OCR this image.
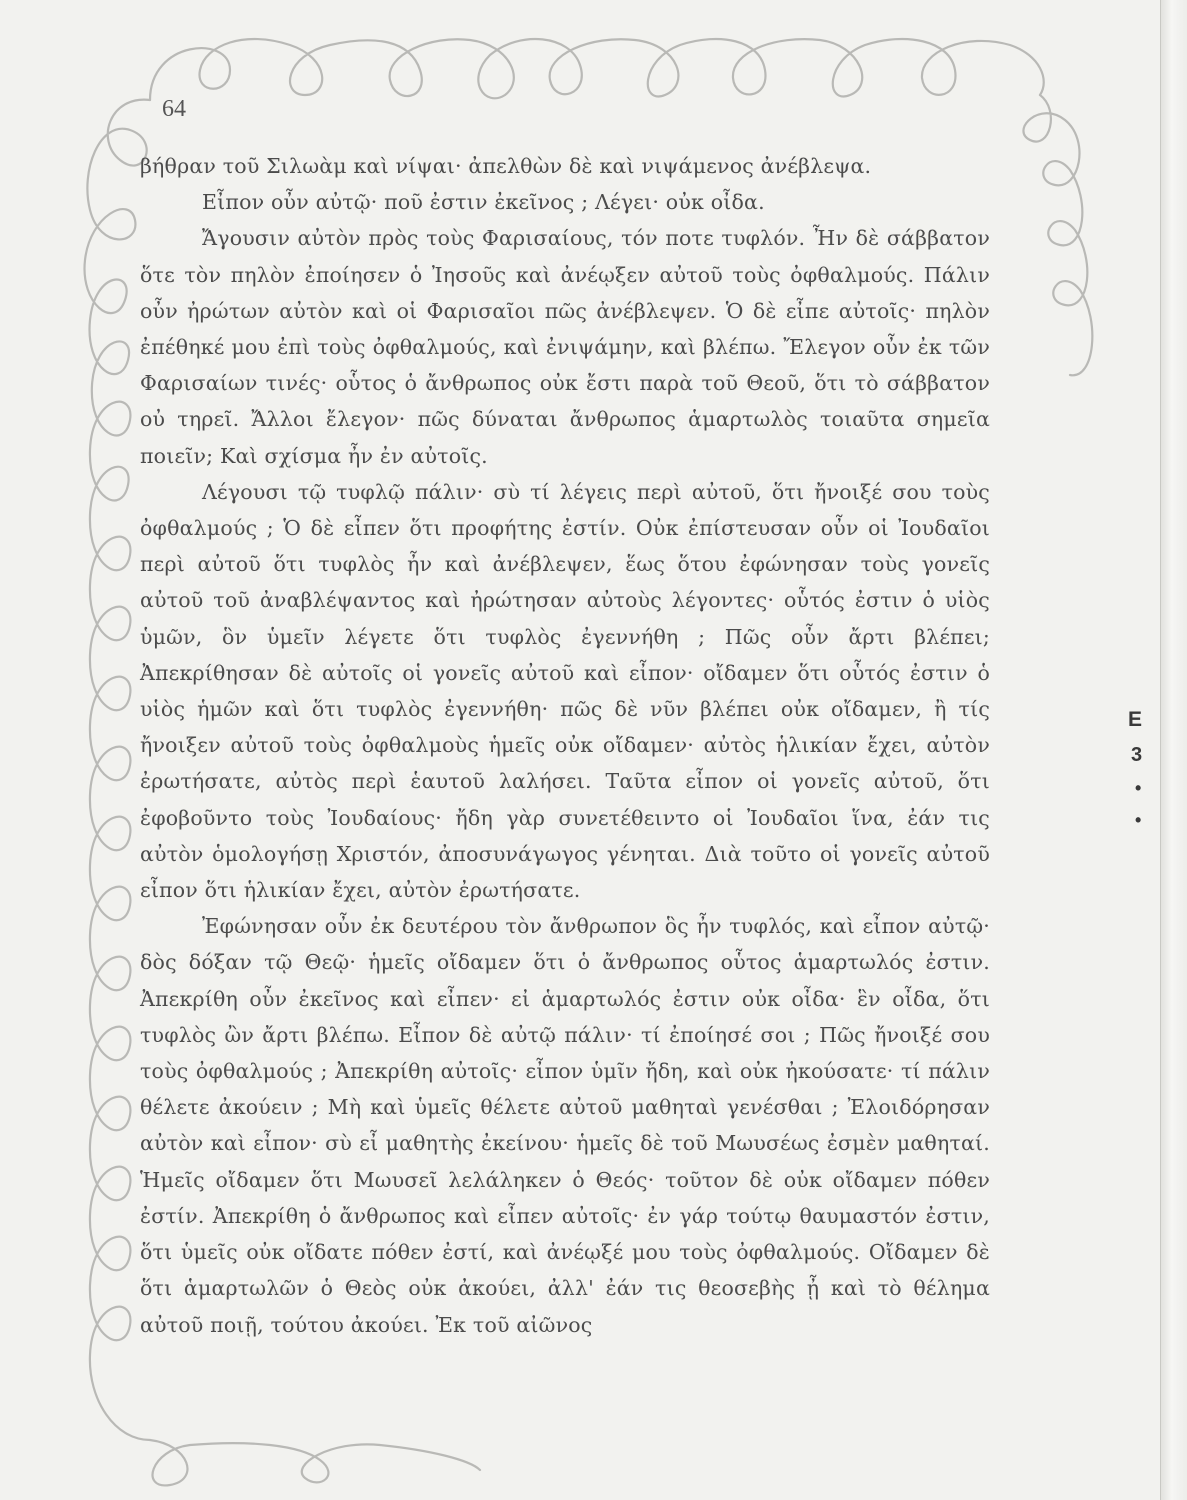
64

βήθραν τοῦ Σιλωὰμ καὶ νίψαι· ἀπελθὼν δὲ καὶ νιψάμενος ἀνέβλεψα.

Εἶπον οὖν αὐτῷ· ποῦ ἐστιν ἐκεῖνος ; Λέγει· οὐκ οἶδα.

Ἄγουσιν αὐτὸν πρὸς τοὺς Φαρισαίους, τόν ποτε τυφλόν. Ἦν δὲ σάββατον ὅτε τὸν πηλὸν ἐποίησεν ὁ Ἰησοῦς καὶ ἀνέῳξεν αὐτοῦ τοὺς ὀφθαλμούς. Πάλιν οὖν ἠρώτων αὐτὸν καὶ οἱ Φαρισαῖοι πῶς ἀνέβλεψεν. Ὁ δὲ εἶπε αὐτοῖς· πηλὸν ἐπέθηκέ μου ἐπὶ τοὺς ὀφθαλμούς, καὶ ἐνιψάμην, καὶ βλέπω. Ἔλεγον οὖν ἐκ τῶν Φαρισαίων τινές· οὗτος ὁ ἄνθρωπος οὐκ ἔστι παρὰ τοῦ Θεοῦ, ὅτι τὸ σάββατον οὐ τηρεῖ. Ἄλλοι ἔλεγον· πῶς δύναται ἄνθρωπος ἁμαρτωλὸς τοιαῦτα σημεῖα ποιεῖν; Καὶ σχίσμα ἦν ἐν αὐτοῖς.

Λέγουσι τῷ τυφλῷ πάλιν· σὺ τί λέγεις περὶ αὐτοῦ, ὅτι ἤνοιξέ σου τοὺς ὀφθαλμούς ; Ὁ δὲ εἶπεν ὅτι προφήτης ἐστίν. Οὐκ ἐπίστευσαν οὖν οἱ Ἰουδαῖοι περὶ αὐτοῦ ὅτι τυφλὸς ἦν καὶ ἀνέβλεψεν, ἕως ὅτου ἐφώνησαν τοὺς γονεῖς αὐτοῦ τοῦ ἀναβλέψαντος καὶ ἠρώτησαν αὐτοὺς λέγοντες· οὗτός ἐστιν ὁ υἱὸς ὑμῶν, ὃν ὑμεῖν λέγετε ὅτι τυφλὸς ἐγεννήθη ; Πῶς οὖν ἄρτι βλέπει; Ἀπεκρίθησαν δὲ αὐτοῖς οἱ γονεῖς αὐτοῦ καὶ εἶπον· οἴδαμεν ὅτι οὗτός ἐστιν ὁ υἱὸς ἡμῶν καὶ ὅτι τυφλὸς ἐγεννήθη· πῶς δὲ νῦν βλέπει οὐκ οἴδαμεν, ἢ τίς ἤνοιξεν αὐτοῦ τοὺς ὀφθαλμοὺς ἡμεῖς οὐκ οἴδαμεν· αὐτὸς ἡλικίαν ἔχει, αὐτὸν ἐρωτήσατε, αὐτὸς περὶ ἑαυτοῦ λαλήσει. Ταῦτα εἶπον οἱ γονεῖς αὐτοῦ, ὅτι ἐφοβοῦντο τοὺς Ἰουδαίους· ἤδη γὰρ συνετέθειντο οἱ Ἰουδαῖοι ἵνα, ἐάν τις αὐτὸν ὁμολογήσῃ Χριστόν, ἀποσυνάγωγος γένηται. Διὰ τοῦτο οἱ γονεῖς αὐτοῦ εἶπον ὅτι ἡλικίαν ἔχει, αὐτὸν ἐρωτήσατε.

Ἐφώνησαν οὖν ἐκ δευτέρου τὸν ἄνθρωπον ὃς ἦν τυφλός, καὶ εἶπον αὐτῷ· δὸς δόξαν τῷ Θεῷ· ἡμεῖς οἴδαμεν ὅτι ὁ ἄνθρωπος οὗτος ἁμαρτωλός ἐστιν. Ἀπεκρίθη οὖν ἐκεῖνος καὶ εἶπεν· εἰ ἁμαρτωλός ἐστιν οὐκ οἶδα· ἓν οἶδα, ὅτι τυφλὸς ὢν ἄρτι βλέπω. Εἶπον δὲ αὐτῷ πάλιν· τί ἐποίησέ σοι ; Πῶς ἤνοιξέ σου τοὺς ὀφθαλμούς ; Ἀπεκρίθη αὐτοῖς· εἶπον ὑμῖν ἤδη, καὶ οὐκ ἠκούσατε· τί πάλιν θέλετε ἀκούειν ; Μὴ καὶ ὑμεῖς θέλετε αὐτοῦ μαθηταὶ γενέσθαι ; Ἐλοιδόρησαν αὐτὸν καὶ εἶπον· σὺ εἶ μαθητὴς ἐκείνου· ἡμεῖς δὲ τοῦ Μωυσέως ἐσμὲν μαθηταί. Ἡμεῖς οἴδαμεν ὅτι Μωυσεῖ λελάληκεν ὁ Θεός· τοῦτον δὲ οὐκ οἴδαμεν πόθεν ἐστίν. Ἀπεκρίθη ὁ ἄνθρωπος καὶ εἶπεν αὐτοῖς· ἐν γάρ τούτῳ θαυμαστόν ἐστιν, ὅτι ὑμεῖς οὐκ οἴδατε πόθεν ἐστί, καὶ ἀνέῳξέ μου τοὺς ὀφθαλμούς. Οἴδαμεν δὲ ὅτι ἁμαρτωλῶν ὁ Θεὸς οὐκ ἀκούει, ἀλλ' ἐάν τις θεοσεβὴς ᾖ καὶ τὸ θέλημα αὐτοῦ ποιῇ, τούτου ἀκούει. Ἐκ τοῦ αἰῶνος

E
3
•
•
